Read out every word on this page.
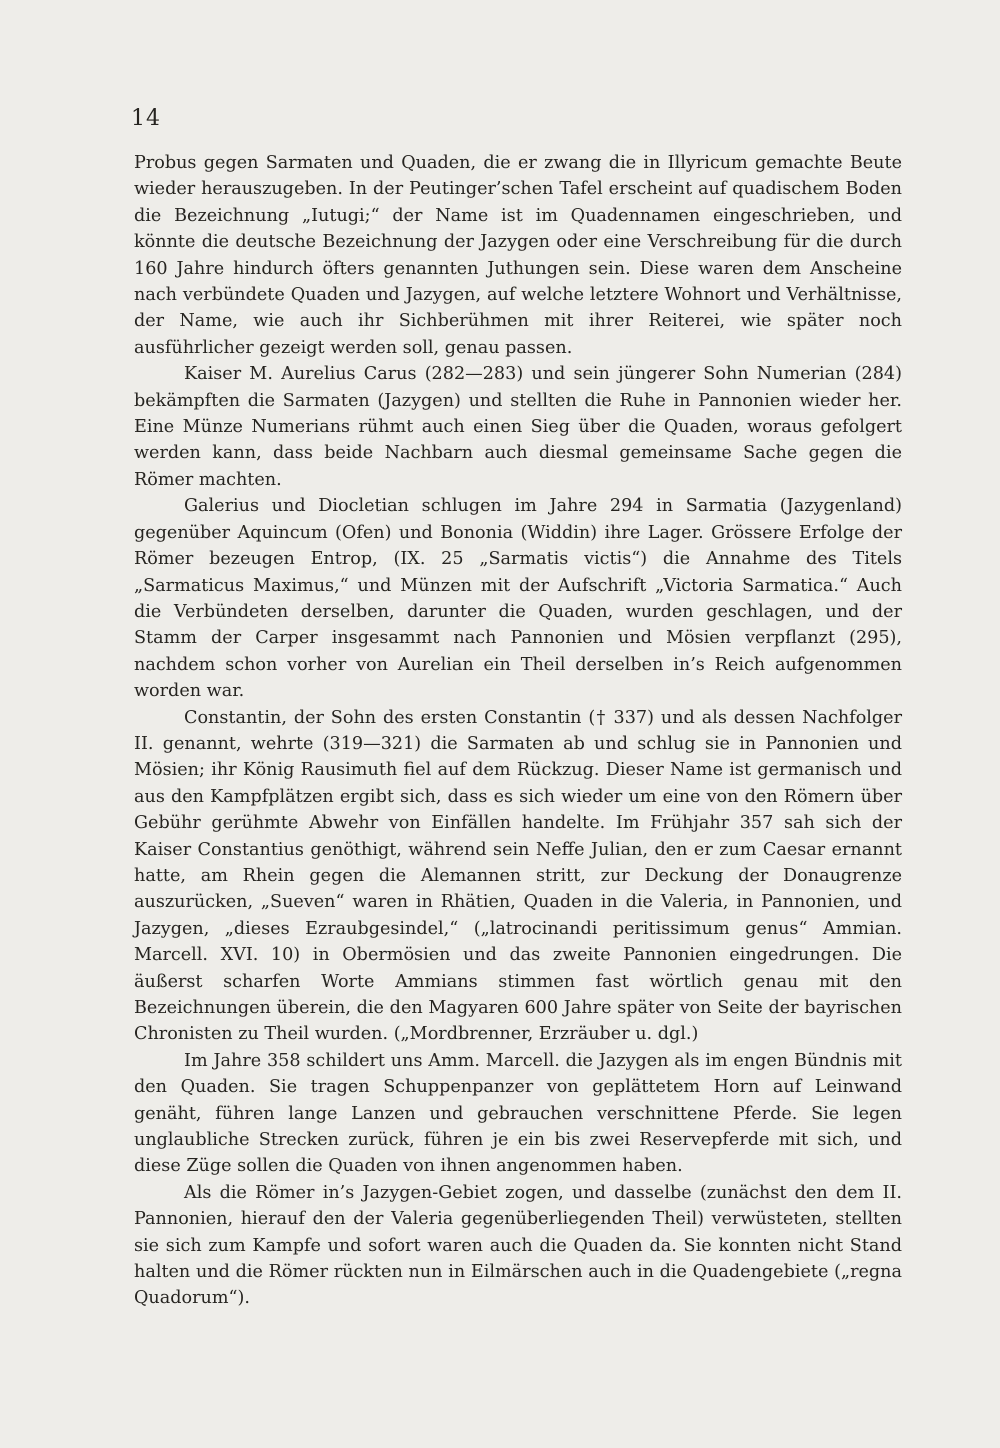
14

Probus gegen Sarmaten und Quaden, die er zwang die in Illyricum gemachte Beute wieder herauszugeben. In der Peutinger’schen Tafel erscheint auf quadischem Boden die Bezeichnung „Iutugi;“ der Name ist im Quadennamen eingeschrieben, und könnte die deutsche Bezeichnung der Jazygen oder eine Verschreibung für die durch 160 Jahre hindurch öfters genannten Juthungen sein. Diese waren dem Anscheine nach verbündete Quaden und Jazygen, auf welche letztere Wohnort und Verhältnisse, der Name, wie auch ihr Sichberühmen mit ihrer Reiterei, wie später noch ausführlicher gezeigt werden soll, genau passen.

Kaiser M. Aurelius Carus (282—283) und sein jüngerer Sohn Numerian (284) bekämpften die Sarmaten (Jazygen) und stellten die Ruhe in Pannonien wieder her. Eine Münze Numerians rühmt auch einen Sieg über die Quaden, woraus gefolgert werden kann, dass beide Nachbarn auch diesmal gemeinsame Sache gegen die Römer machten.

Galerius und Diocletian schlugen im Jahre 294 in Sarmatia (Jazygenland) gegenüber Aquincum (Ofen) und Bononia (Widdin) ihre Lager. Grössere Erfolge der Römer bezeugen Entrop, (IX. 25 „Sarmatis victis“) die Annahme des Titels „Sarmaticus Maximus,“ und Münzen mit der Aufschrift „Victoria Sarmatica.“ Auch die Verbündeten derselben, darunter die Quaden, wurden geschlagen, und der Stamm der Carper insgesammt nach Pannonien und Mösien verpflanzt (295), nachdem schon vorher von Aurelian ein Theil derselben in’s Reich aufgenommen worden war.

Constantin, der Sohn des ersten Constantin († 337) und als dessen Nachfolger II. genannt, wehrte (319—321) die Sarmaten ab und schlug sie in Pannonien und Mösien; ihr König Rausimuth fiel auf dem Rückzug. Dieser Name ist germanisch und aus den Kampfplätzen ergibt sich, dass es sich wieder um eine von den Römern über Gebühr gerühmte Abwehr von Einfällen handelte. Im Frühjahr 357 sah sich der Kaiser Constantius genöthigt, während sein Neffe Julian, den er zum Caesar ernannt hatte, am Rhein gegen die Alemannen stritt, zur Deckung der Donaugrenze auszurücken, „Sueven“ waren in Rhätien, Quaden in die Valeria, in Pannonien, und Jazygen, „dieses Ezraubgesindel,“ („latrocinandi peritissimum genus“ Ammian. Marcell. XVI. 10) in Obermösien und das zweite Pannonien eingedrungen. Die äußerst scharfen Worte Ammians stimmen fast wörtlich genau mit den Bezeichnungen überein, die den Magyaren 600 Jahre später von Seite der bayrischen Chronisten zu Theil wurden. („Mordbrenner, Erzräuber u. dgl.)

Im Jahre 358 schildert uns Amm. Marcell. die Jazygen als im engen Bündnis mit den Quaden. Sie tragen Schuppenpanzer von geplättetem Horn auf Leinwand genäht, führen lange Lanzen und gebrauchen verschnittene Pferde. Sie legen unglaubliche Strecken zurück, führen je ein bis zwei Reservepferde mit sich, und diese Züge sollen die Quaden von ihnen angenommen haben.

Als die Römer in’s Jazygen-Gebiet zogen, und dasselbe (zunächst den dem II. Pannonien, hierauf den der Valeria gegenüberliegenden Theil) verwüsteten, stellten sie sich zum Kampfe und sofort waren auch die Quaden da. Sie konnten nicht Stand halten und die Römer rückten nun in Eilmärschen auch in die Quadengebiete („regna Quadorum“).
